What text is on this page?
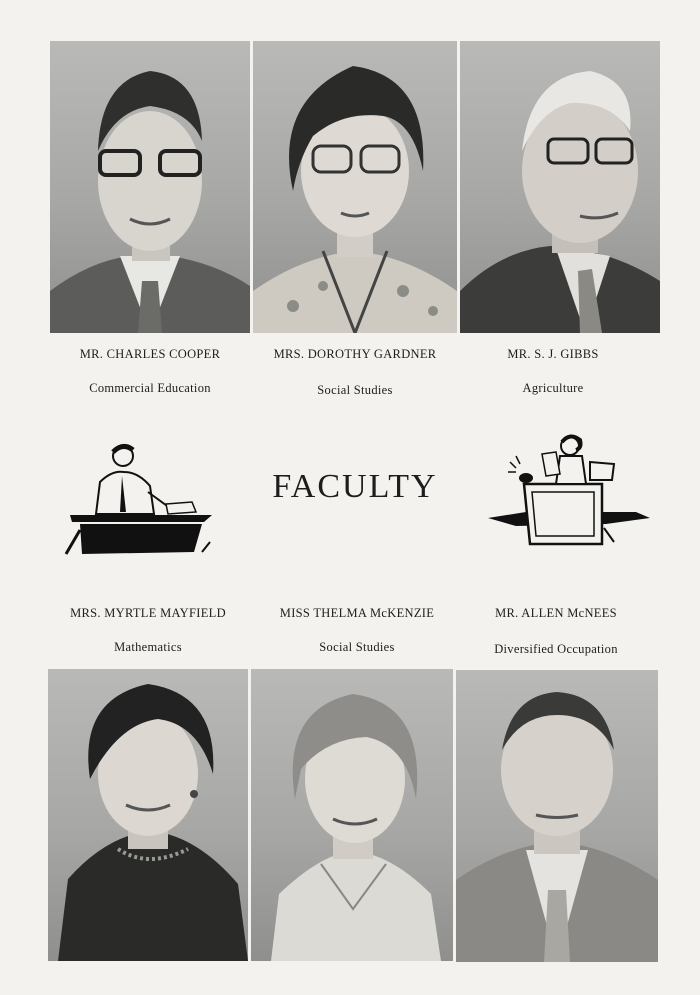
MR. CHARLES COOPER
Commercial Education
MRS. DOROTHY GARDNER
Social Studies
MR. S. J. GIBBS
Agriculture
FACULTY
MRS. MYRTLE MAYFIELD
Mathematics
MISS THELMA McKENZIE
Social Studies
MR. ALLEN McNEES
Diversified Occupation
